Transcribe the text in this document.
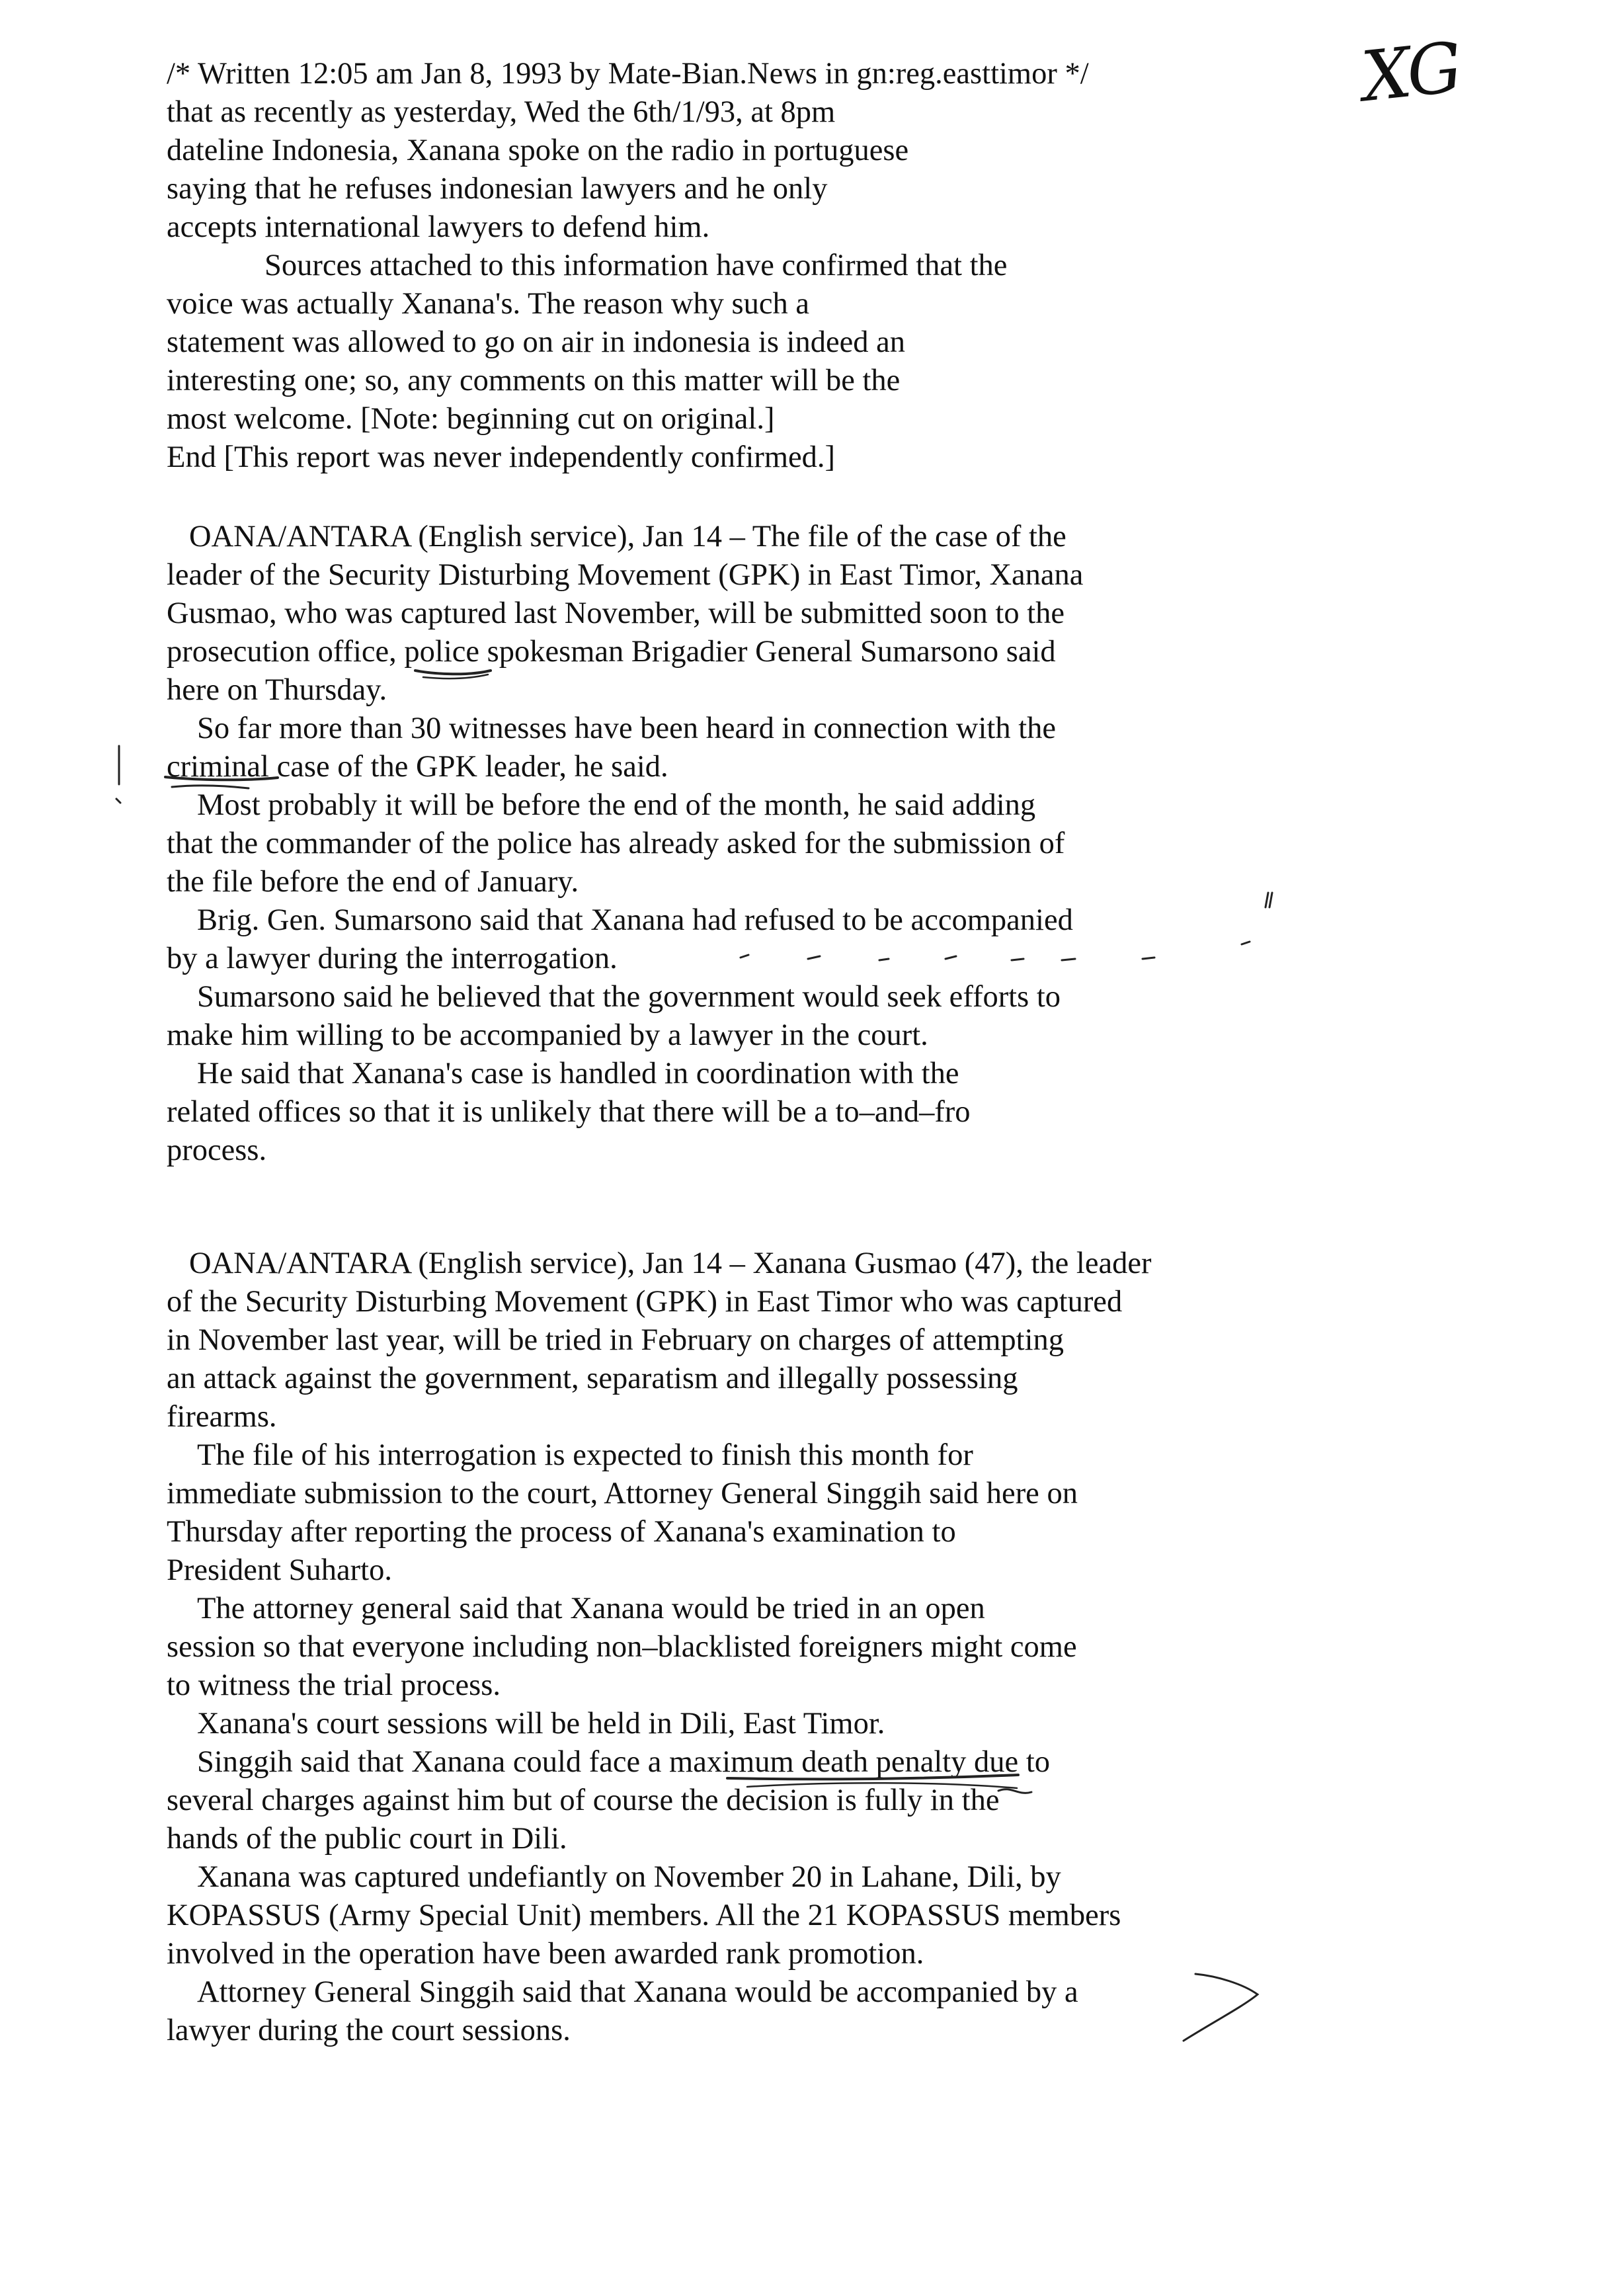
XG

/* Written 12:05 am Jan 8, 1993 by Mate-Bian.News in gn:reg.easttimor */

that as recently as yesterday, Wed the 6th/1/93, at 8pm

dateline Indonesia, Xanana spoke on the radio in portuguese

saying that he refuses indonesian lawyers and he only

accepts international lawyers to defend him.

Sources attached to this information have confirmed that the

voice was actually Xanana's. The reason why such a

statement was allowed to go on air in indonesia is indeed an

interesting one; so, any comments on this matter will be the

most welcome. [Note: beginning cut on original.]

End [This report was never independently confirmed.]

OANA/ANTARA (English service), Jan 14 – The file of the case of the

leader of the Security Disturbing Movement (GPK) in East Timor, Xanana

Gusmao, who was captured last November, will be submitted soon to the

prosecution office, police spokesman Brigadier General Sumarsono said

here on Thursday.

So far more than 30 witnesses have been heard in connection with the

criminal case of the GPK leader, he said.

Most probably it will be before the end of the month, he said adding

that the commander of the police has already asked for the submission of

the file before the end of January.

Brig. Gen. Sumarsono said that Xanana had refused to be accompanied

by a lawyer during the interrogation.

Sumarsono said he believed that the government would seek efforts to

make him willing to be accompanied by a lawyer in the court.

He said that Xanana's case is handled in coordination with the

related offices so that it is unlikely that there will be a to–and–fro

process.

OANA/ANTARA (English service), Jan 14 – Xanana Gusmao (47), the leader

of the Security Disturbing Movement (GPK) in East Timor who was captured

in November last year, will be tried in February on charges of attempting

an attack against the government, separatism and illegally possessing

firearms.

The file of his interrogation is expected to finish this month for

immediate submission to the court, Attorney General Singgih said here on

Thursday after reporting the process of Xanana's examination to

President Suharto.

The attorney general said that Xanana would be tried in an open

session so that everyone including non–blacklisted foreigners might come

to witness the trial process.

Xanana's court sessions will be held in Dili, East Timor.

Singgih said that Xanana could face a maximum death penalty due to

several charges against him but of course the decision is fully in the

hands of the public court in Dili.

Xanana was captured undefiantly on November 20 in Lahane, Dili, by

KOPASSUS (Army Special Unit) members. All the 21 KOPASSUS members

involved in the operation have been awarded rank promotion.

Attorney General Singgih said that Xanana would be accompanied by a

lawyer during the court sessions.
